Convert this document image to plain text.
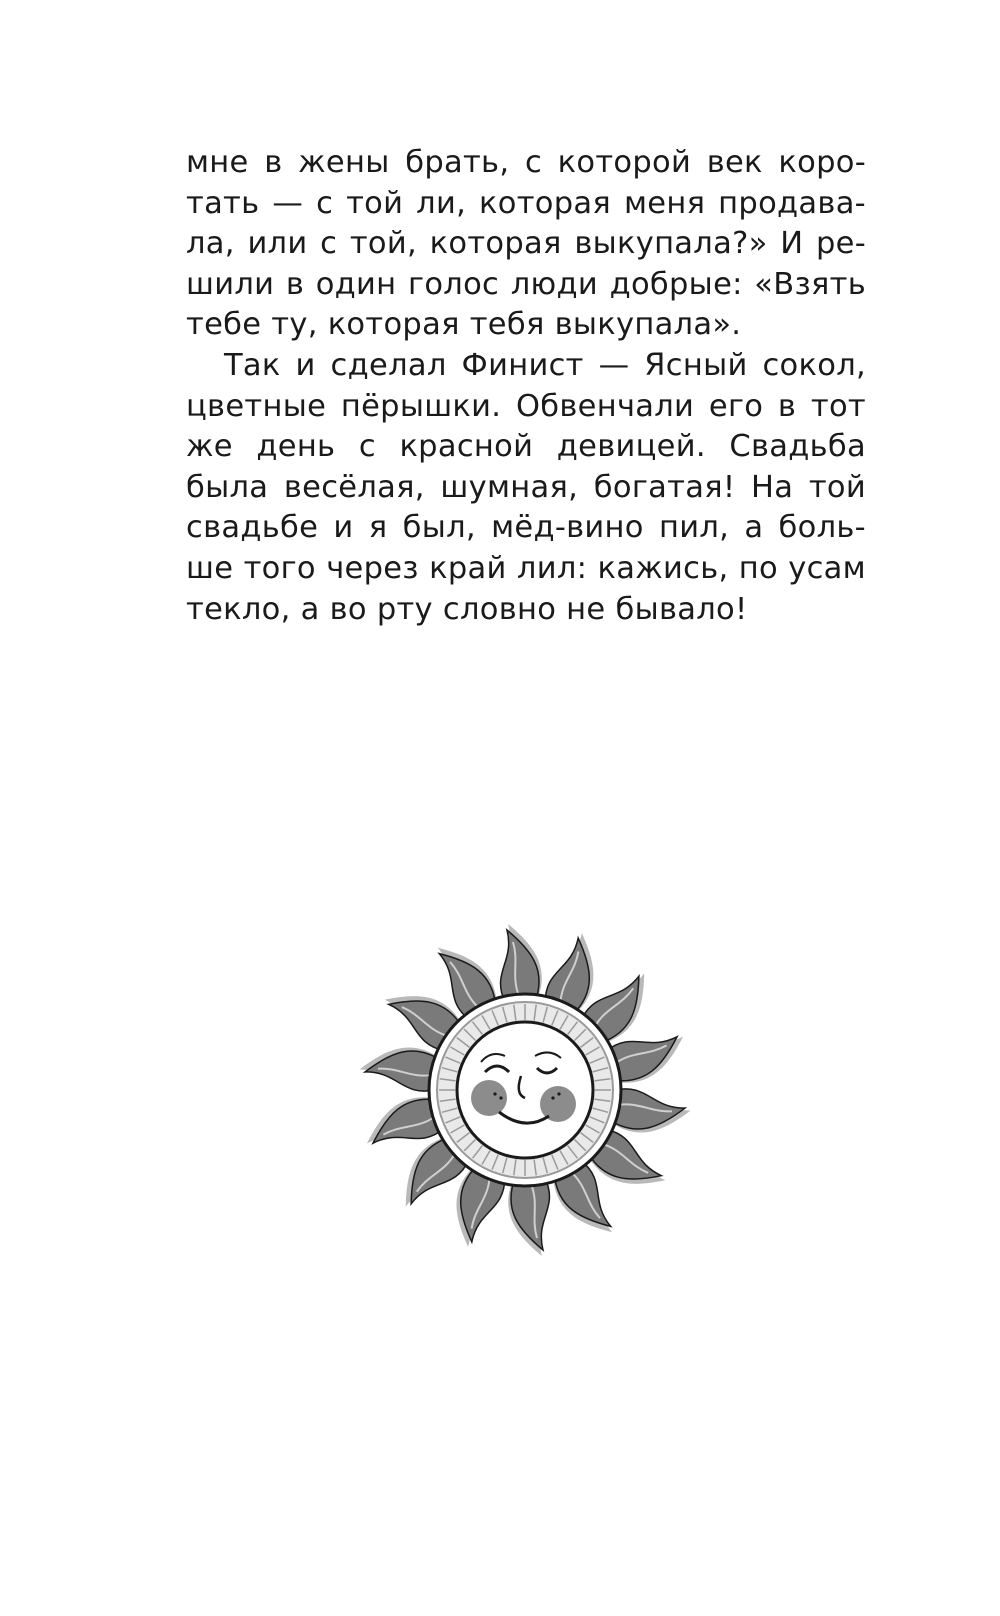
мне в жены брать, с которой век коро-
тать — с той ли, которая меня продава-
ла, или с той, которая выкупала?» И ре-
шили в один голос люди добрые: «Взять
тебе ту, которая тебя выкупала».
Так и сделал Финист — Ясный сокол,
цветные пёрышки. Обвенчали его в тот
же день с красной девицей. Свадьба
была весёлая, шумная, богатая! На той
свадьбе и я был, мёд-вино пил, а боль-
ше того через край лил: кажись, по усам
текло, а во рту словно не бывало!
